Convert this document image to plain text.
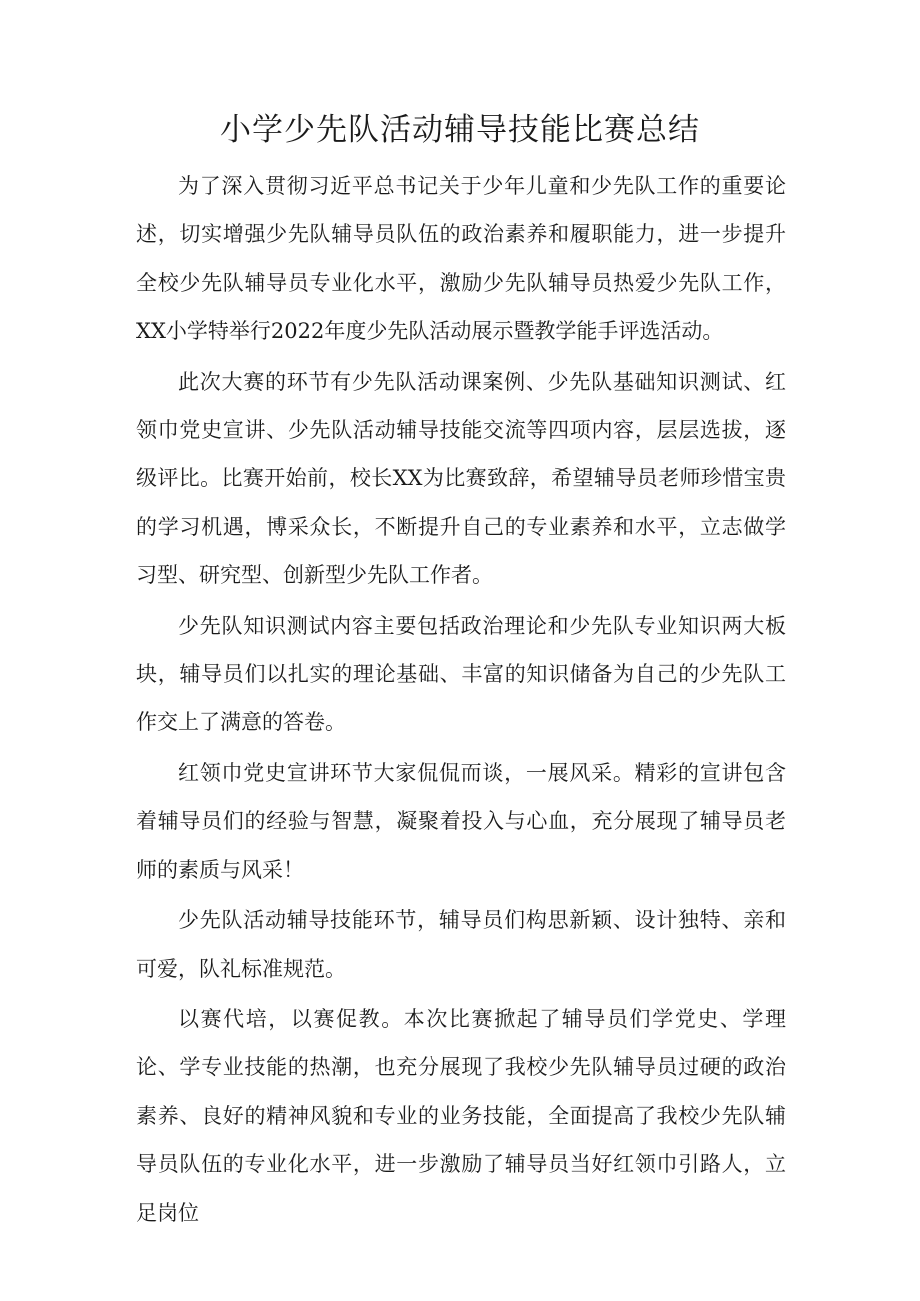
小学少先队活动辅导技能比赛总结

为了深入贯彻习近平总书记关于少年儿童和少先队工作的重要论述，切实增强少先队辅导员队伍的政治素养和履职能力，进一步提升全校少先队辅导员专业化水平，激励少先队辅导员热爱少先队工作，XX小学特举行2022年度少先队活动展示暨教学能手评选活动。

此次大赛的环节有少先队活动课案例、少先队基础知识测试、红领巾党史宣讲、少先队活动辅导技能交流等四项内容，层层选拔，逐级评比。比赛开始前，校长XX为比赛致辞，希望辅导员老师珍惜宝贵的学习机遇，博采众长，不断提升自己的专业素养和水平，立志做学习型、研究型、创新型少先队工作者。

少先队知识测试内容主要包括政治理论和少先队专业知识两大板块，辅导员们以扎实的理论基础、丰富的知识储备为自己的少先队工作交上了满意的答卷。

红领巾党史宣讲环节大家侃侃而谈，一展风采。精彩的宣讲包含着辅导员们的经验与智慧，凝聚着投入与心血，充分展现了辅导员老师的素质与风采！

少先队活动辅导技能环节，辅导员们构思新颖、设计独特、亲和可爱，队礼标准规范。

以赛代培，以赛促教。本次比赛掀起了辅导员们学党史、学理论、学专业技能的热潮，也充分展现了我校少先队辅导员过硬的政治素养、良好的精神风貌和专业的业务技能，全面提高了我校少先队辅导员队伍的专业化水平，进一步激励了辅导员当好红领巾引路人，立足岗位
